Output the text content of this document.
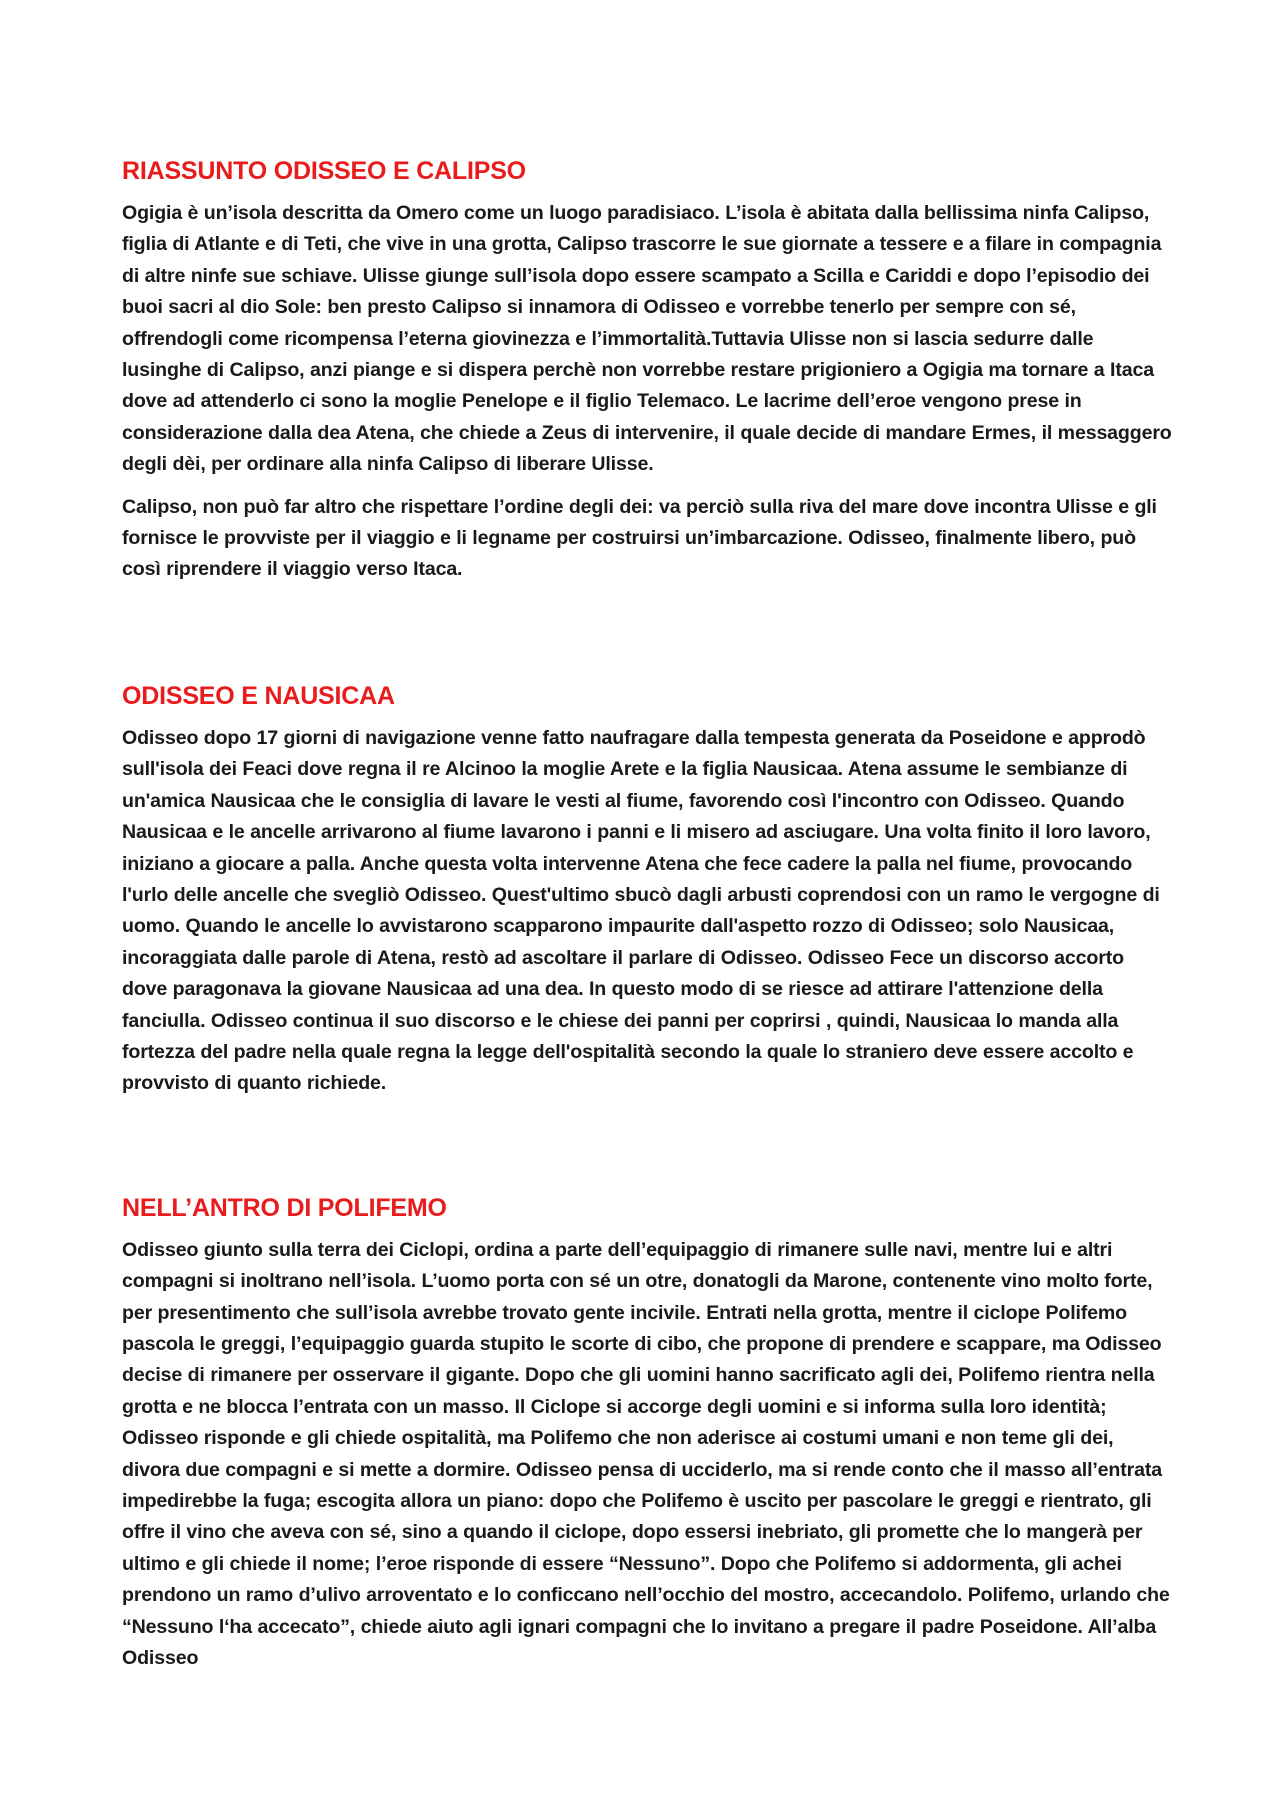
RIASSUNTO ODISSEO E CALIPSO

Ogigia è un’isola descritta da Omero come un luogo paradisiaco. L’isola è abitata dalla bellissima ninfa Calipso, figlia di Atlante e di Teti, che vive in una grotta, Calipso trascorre le sue giornate a tessere e a filare in compagnia di altre ninfe sue schiave. Ulisse giunge sull’isola dopo essere scampato a Scilla e Cariddi e dopo l’episodio dei buoi sacri al dio Sole: ben presto Calipso si innamora di Odisseo e vorrebbe tenerlo per sempre con sé, offrendogli come ricompensa l’eterna giovinezza e l’immortalità.Tuttavia Ulisse non si lascia sedurre dalle lusinghe di Calipso, anzi piange e si dispera perchè non vorrebbe restare prigioniero a Ogigia ma tornare a Itaca dove ad attenderlo ci sono la moglie Penelope e il figlio Telemaco. Le lacrime dell’eroe vengono prese in considerazione dalla dea Atena, che chiede a Zeus di intervenire, il quale decide di mandare Ermes, il messaggero degli dèi, per ordinare alla ninfa Calipso di liberare Ulisse.

Calipso, non può far altro che rispettare l’ordine degli dei: va perciò sulla riva del mare dove incontra Ulisse e gli fornisce le provviste per il viaggio e li legname per costruirsi un’imbarcazione. Odisseo, finalmente libero, può così riprendere il viaggio verso Itaca.

ODISSEO E NAUSICAA

Odisseo dopo 17 giorni di navigazione venne fatto naufragare dalla tempesta generata da Poseidone e approdò sull'isola dei Feaci dove regna il re Alcinoo la moglie Arete e la figlia Nausicaa. Atena assume le sembianze di un'amica Nausicaa che le consiglia di lavare le vesti al fiume, favorendo così l'incontro con Odisseo. Quando Nausicaa e le ancelle arrivarono al fiume lavarono i panni e li misero ad asciugare. Una volta finito il loro lavoro, iniziano a giocare a palla. Anche questa volta intervenne Atena che fece cadere la palla nel fiume, provocando l'urlo delle ancelle che svegliò Odisseo. Quest'ultimo sbucò dagli arbusti coprendosi con un ramo le vergogne di uomo. Quando le ancelle lo avvistarono scapparono impaurite dall'aspetto rozzo di Odisseo; solo Nausicaa, incoraggiata dalle parole di Atena, restò ad ascoltare il parlare di Odisseo. Odisseo Fece un discorso accorto dove paragonava la giovane Nausicaa ad una dea. In questo modo di se riesce ad attirare l'attenzione della fanciulla. Odisseo continua il suo discorso e le chiese dei panni per coprirsi , quindi, Nausicaa lo manda alla fortezza del padre nella quale regna la legge dell'ospitalità secondo la quale lo straniero deve essere accolto e provvisto di quanto richiede.

NELL’ANTRO DI POLIFEMO

Odisseo giunto sulla terra dei Ciclopi, ordina a parte dell’equipaggio di rimanere sulle navi, mentre lui e altri compagni si inoltrano nell’isola. L’uomo porta con sé un otre, donatogli da Marone, contenente vino molto forte, per presentimento che sull’isola avrebbe trovato gente incivile. Entrati nella grotta, mentre il ciclope Polifemo pascola le greggi, l’equipaggio guarda stupito le scorte di cibo, che propone di prendere e scappare, ma Odisseo decise di rimanere per osservare il gigante. Dopo che gli uomini hanno sacrificato agli dei, Polifemo rientra nella grotta e ne blocca l’entrata con un masso. Il Ciclope si accorge degli uomini e si informa sulla loro identità; Odisseo risponde e gli chiede ospitalità, ma Polifemo che non aderisce ai costumi umani e non teme gli dei, divora due compagni e si mette a dormire. Odisseo pensa di ucciderlo, ma si rende conto che il masso all’entrata impedirebbe la fuga; escogita allora un piano: dopo che Polifemo è uscito per pascolare le greggi e rientrato, gli offre il vino che aveva con sé, sino a quando il ciclope, dopo essersi inebriato, gli promette che lo mangerà per ultimo e gli chiede il nome; l’eroe risponde di essere “Nessuno”. Dopo che Polifemo si addormenta, gli achei prendono un ramo d’ulivo arroventato e lo conficcano nell’occhio del mostro, accecandolo. Polifemo, urlando che “Nessuno l‘ha accecato”, chiede aiuto agli ignari compagni che lo invitano a pregare il padre Poseidone. All’alba Odisseo
